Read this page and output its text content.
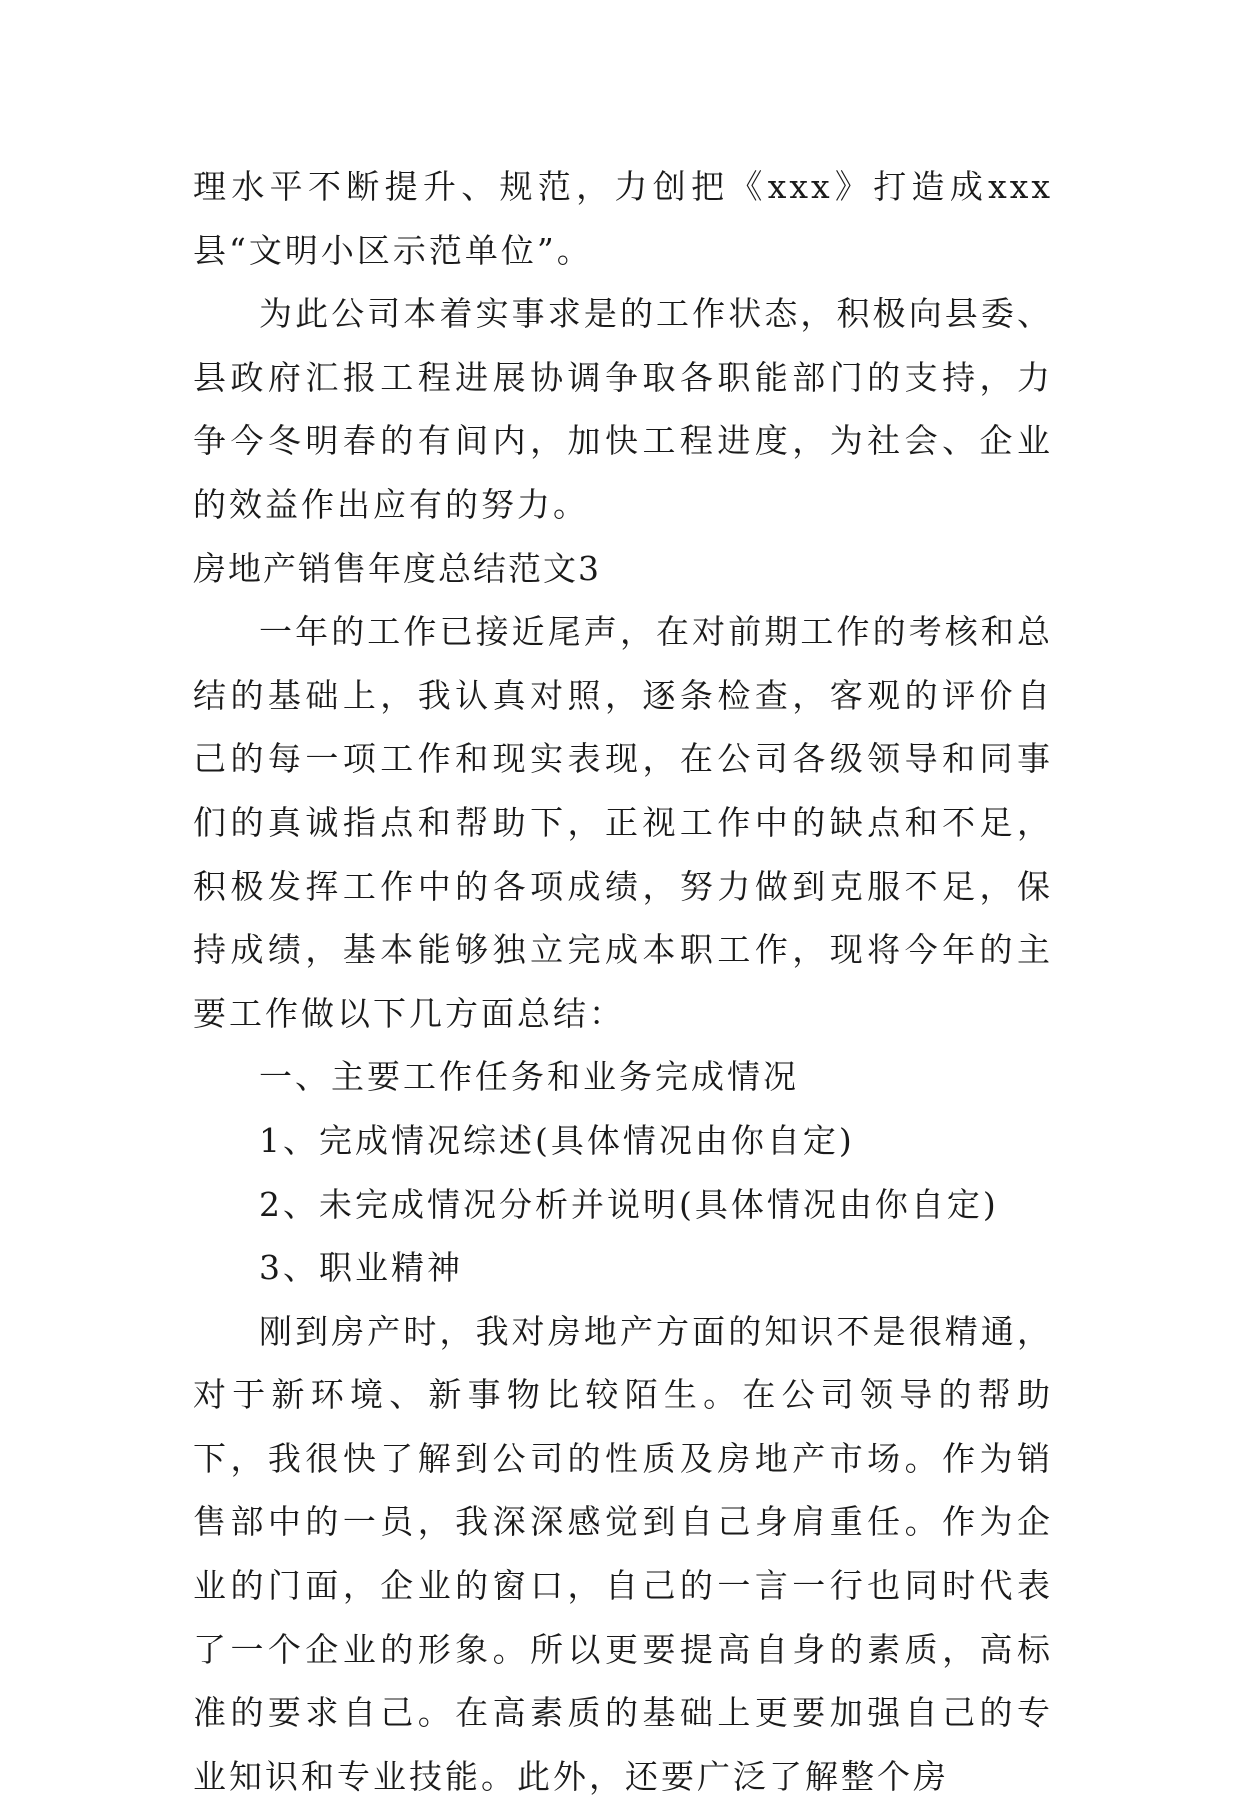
理水平不断提升、规范，力创把《xxx》打造成xxx县“文明小区示范单位”。

为此公司本着实事求是的工作状态，积极向县委、县政府汇报工程进展协调争取各职能部门的支持，力争今冬明春的有间内，加快工程进度，为社会、企业的效益作出应有的努力。

房地产销售年度总结范文3

一年的工作已接近尾声，在对前期工作的考核和总结的基础上，我认真对照，逐条检查，客观的评价自己的每一项工作和现实表现，在公司各级领导和同事们的真诚指点和帮助下，正视工作中的缺点和不足，积极发挥工作中的各项成绩，努力做到克服不足，保持成绩，基本能够独立完成本职工作，现将今年的主要工作做以下几方面总结：

一、主要工作任务和业务完成情况

1、完成情况综述(具体情况由你自定)

2、未完成情况分析并说明(具体情况由你自定)

3、职业精神

刚到房产时，我对房地产方面的知识不是很精通，对于新环境、新事物比较陌生。在公司领导的帮助下，我很快了解到公司的性质及房地产市场。作为销售部中的一员，我深深感觉到自己身肩重任。作为企业的门面，企业的窗口，自己的一言一行也同时代表了一个企业的形象。所以更要提高自身的素质，高标准的要求自己。在高素质的基础上更要加强自己的专业知识和专业技能。此外，还要广泛了解整个房
